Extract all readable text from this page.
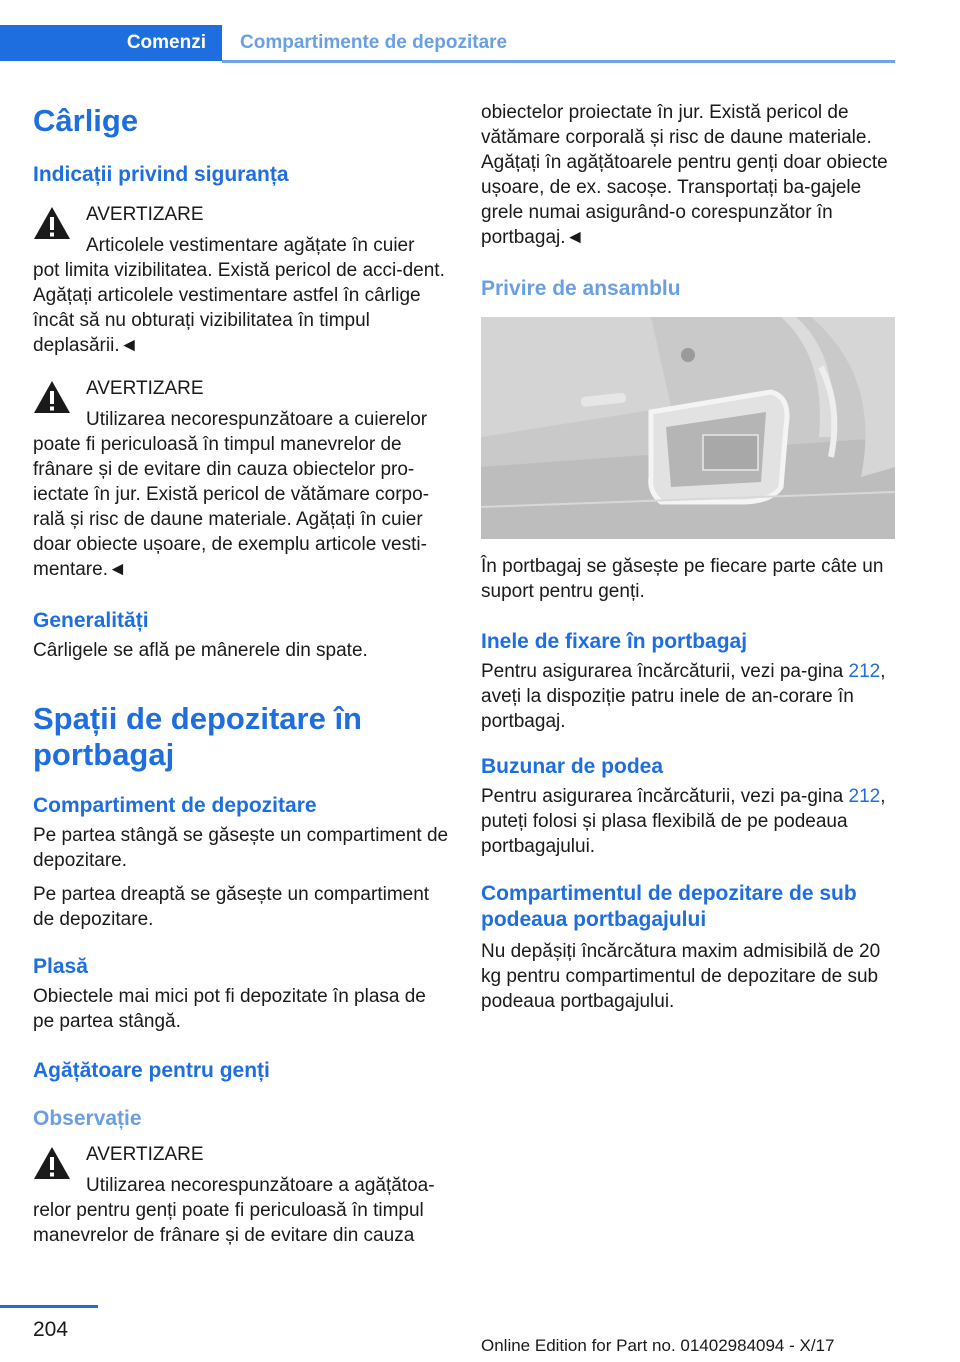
Comenzi	Compartimente de depozitare
Cârlige
Indicații privind siguranța
AVERTIZARE
Articolele vestimentare agățate în cuier

pot limita vizibilitatea. Există pericol de acci-dent. Agățați articolele vestimentare astfel în cârlige încât să nu obturați vizibilitatea în timpul deplasării.◄

AVERTIZARE
Utilizarea necorespunzătoare a cuierelor

poate fi periculoasă în timpul manevrelor de frânare și de evitare din cauza obiectelor pro-iectate în jur. Există pericol de vătămare corpo-rală și risc de daune materiale. Agățați în cuier doar obiecte ușoare, de exemplu articole vesti-mentare.◄

Generalități

Cârligele se află pe mânerele din spate.

Spații de depozitare în portbagaj
Compartiment de depozitare

Pe partea stângă se găsește un compartiment de depozitare.

Pe partea dreaptă se găsește un compartiment de depozitare.

Plasă

Obiectele mai mici pot fi depozitate în plasa de pe partea stângă.

Agățătoare pentru genți
Observație
AVERTIZARE
Utilizarea necorespunzătoare a agățătoa-

relor pentru genți poate fi periculoasă în timpul manevrelor de frânare și de evitare din cauza

obiectelor proiectate în jur. Există pericol de vătămare corporală și risc de daune materiale. Agățați în agățătoarele pentru genți doar obiecte ușoare, de ex. sacoșe. Transportați ba-gajele grele numai asigurând-o corespunzător în portbagaj.◄

Privire de ansamblu

În portbagaj se găsește pe fiecare parte câte un suport pentru genți.

Inele de fixare în portbagaj

Pentru asigurarea încărcăturii, vezi pa-gina 212, aveți la dispoziție patru inele de an-corare în portbagaj.

Buzunar de podea

Pentru asigurarea încărcăturii, vezi pa-gina 212, puteți folosi și plasa flexibilă de pe podeaua portbagajului.

Compartimentul de depozitare de sub podeaua portbagajului

Nu depășiți încărcătura maxim admisibilă de 20 kg pentru compartimentul de depozitare de sub podeaua portbagajului.

204
Online Edition for Part no. 01402984094 - X/17
